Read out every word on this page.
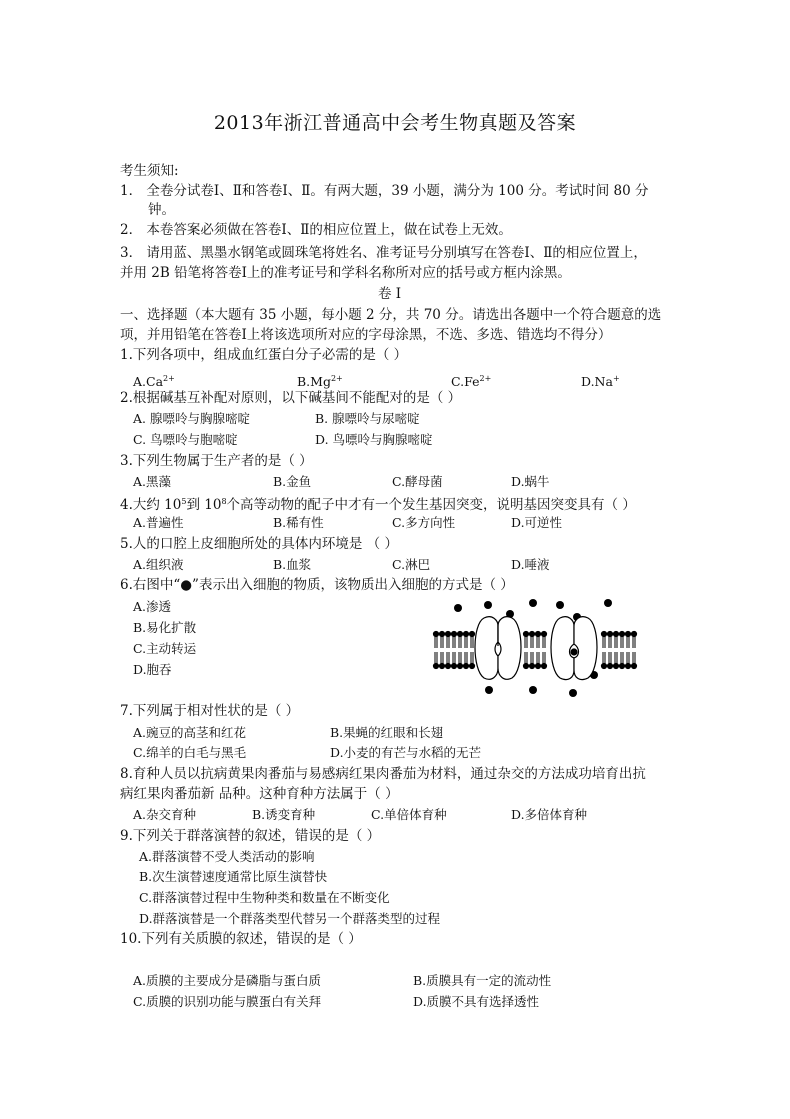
2013年浙江普通高中会考生物真题及答案
考生须知:
1． 全卷分试卷Ⅰ、Ⅱ和答卷Ⅰ、Ⅱ。有两大题，39 小题，满分为 100 分。考试时间 80 分
钟。
2． 本卷答案必须做在答卷Ⅰ、Ⅱ的相应位置上，做在试卷上无效。
3． 请用蓝、黑墨水钢笔或圆珠笔将姓名、准考证号分别填写在答卷Ⅰ、Ⅱ的相应位置上，
并用 2B 铅笔将答卷Ⅰ上的准考证号和学科名称所对应的括号或方框内涂黑。
卷 Ⅰ
一、选择题（本大题有 35 小题，每小题 2 分，共 70 分。请选出各题中一个符合题意的选
项，并用铅笔在答卷Ⅰ上将该选项所对应的字母涂黑，不选、多选、错选均不得分）
1.下列各项中，组成血红蛋白分子必需的是（ ）
$A.Ca^{2+}$	$B.Mg^{2+}$	$C.Fe^{2+}$	D.Na+
2.根据碱基互补配对原则，以下碱基间不能配对的是（ ）
A. 腺嘌呤与胸腺嘧啶	B. 腺嘌呤与尿嘧啶
C. 鸟嘌呤与胞嘧啶	D. 鸟嘌呤与胸腺嘧啶
3.下列生物属于生产者的是（ ）
A.黑藻	B.金鱼	C.酵母菌	D.蜗牛
4.大约 $10^5$到 $10^8$个高等动物的配子中才有一个发生基因突变，说明基因突变具有（ ）
A.普遍性	B.稀有性	C.多方向性	D.可逆性
5.人的口腔上皮细胞所处的具体内环境是 （ ）
A.组织液	B.血浆	C.淋巴	D.唾液
6.右图中“●”表示出入细胞的物质，该物质出入细胞的方式是（ ）
A.渗透
B.易化扩散
C.主动转运
D.胞吞
7.下列属于相对性状的是（ ）
A.豌豆的高茎和红花	B.果蝇的红眼和长翅
C.绵羊的白毛与黑毛	D.小麦的有芒与水稻的无芒
8.育种人员以抗病黄果肉番茄与易感病红果肉番茄为材料，通过杂交的方法成功培育出抗
病红果肉番茄新 品种。这种育种方法属于（ ）
A.杂交育种	B.诱变育种	C.单倍体育种	D.多倍体育种
9.下列关于群落演替的叙述，错误的是（ ）
A.群落演替不受人类活动的影响
B.次生演替速度通常比原生演替快
C.群落演替过程中生物种类和数量在不断变化
D.群落演替是一个群落类型代替另一个群落类型的过程
10.下列有关质膜的叙述，错误的是（ ）
A.质膜的主要成分是磷脂与蛋白质	B.质膜具有一定的流动性
C.质膜的识别功能与膜蛋白有关拜	D.质膜不具有选择透性
